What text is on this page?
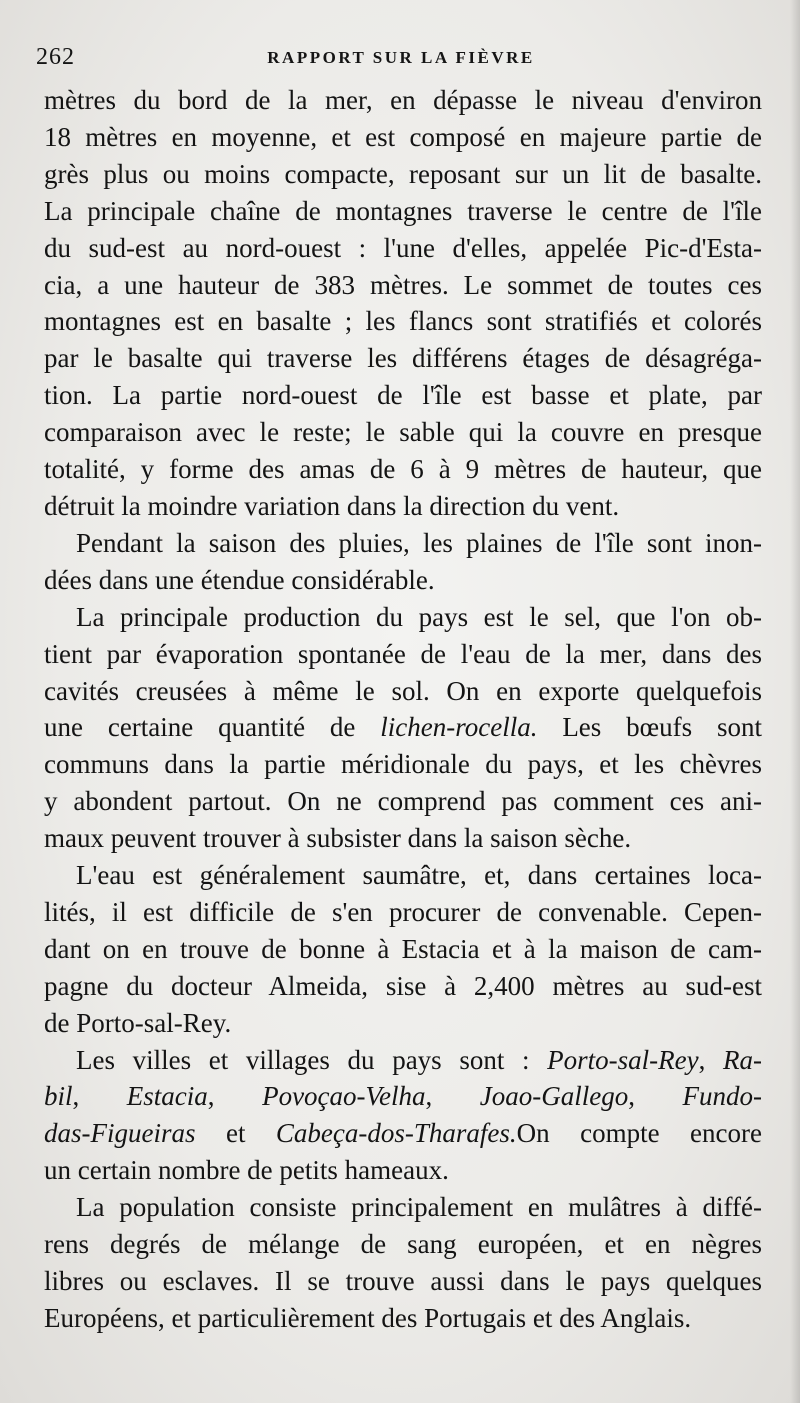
262	RAPPORT SUR LA FIÈVRE
mètres du bord de la mer, en dépasse le niveau d'environ
18 mètres en moyenne, et est composé en majeure partie de
grès plus ou moins compacte, reposant sur un lit de basalte.
La principale chaîne de montagnes traverse le centre de l'île
du sud-est au nord-ouest : l'une d'elles, appelée Pic-d'Esta-
cia, a une hauteur de 383 mètres. Le sommet de toutes ces
montagnes est en basalte ; les flancs sont stratifiés et colorés
par le basalte qui traverse les différens étages de désagréga-
tion. La partie nord-ouest de l'île est basse et plate, par
comparaison avec le reste; le sable qui la couvre en presque
totalité, y forme des amas de 6 à 9 mètres de hauteur, que
détruit la moindre variation dans la direction du vent.
Pendant la saison des pluies, les plaines de l'île sont inon-
dées dans une étendue considérable.
La principale production du pays est le sel, que l'on ob-
tient par évaporation spontanée de l'eau de la mer, dans des
cavités creusées à même le sol. On en exporte quelquefois
une certaine quantité de lichen-rocella. Les bœufs sont
communs dans la partie méridionale du pays, et les chèvres
y abondent partout. On ne comprend pas comment ces ani-
maux peuvent trouver à subsister dans la saison sèche.
L'eau est généralement saumâtre, et, dans certaines loca-
lités, il est difficile de s'en procurer de convenable. Cepen-
dant on en trouve de bonne à Estacia et à la maison de cam-
pagne du docteur Almeida, sise à 2,400 mètres au sud-est
de Porto-sal-Rey.
Les villes et villages du pays sont : Porto-sal-Rey, Ra-
bil, Estacia, Povoçao-Velha, Joao-Gallego, Fundo-
das-Figueiras et Cabeça-dos-Tharafes.On compte encore
un certain nombre de petits hameaux.
La population consiste principalement en mulâtres à diffé-
rens degrés de mélange de sang européen, et en nègres
libres ou esclaves. Il se trouve aussi dans le pays quelques
Européens, et particulièrement des Portugais et des Anglais.
